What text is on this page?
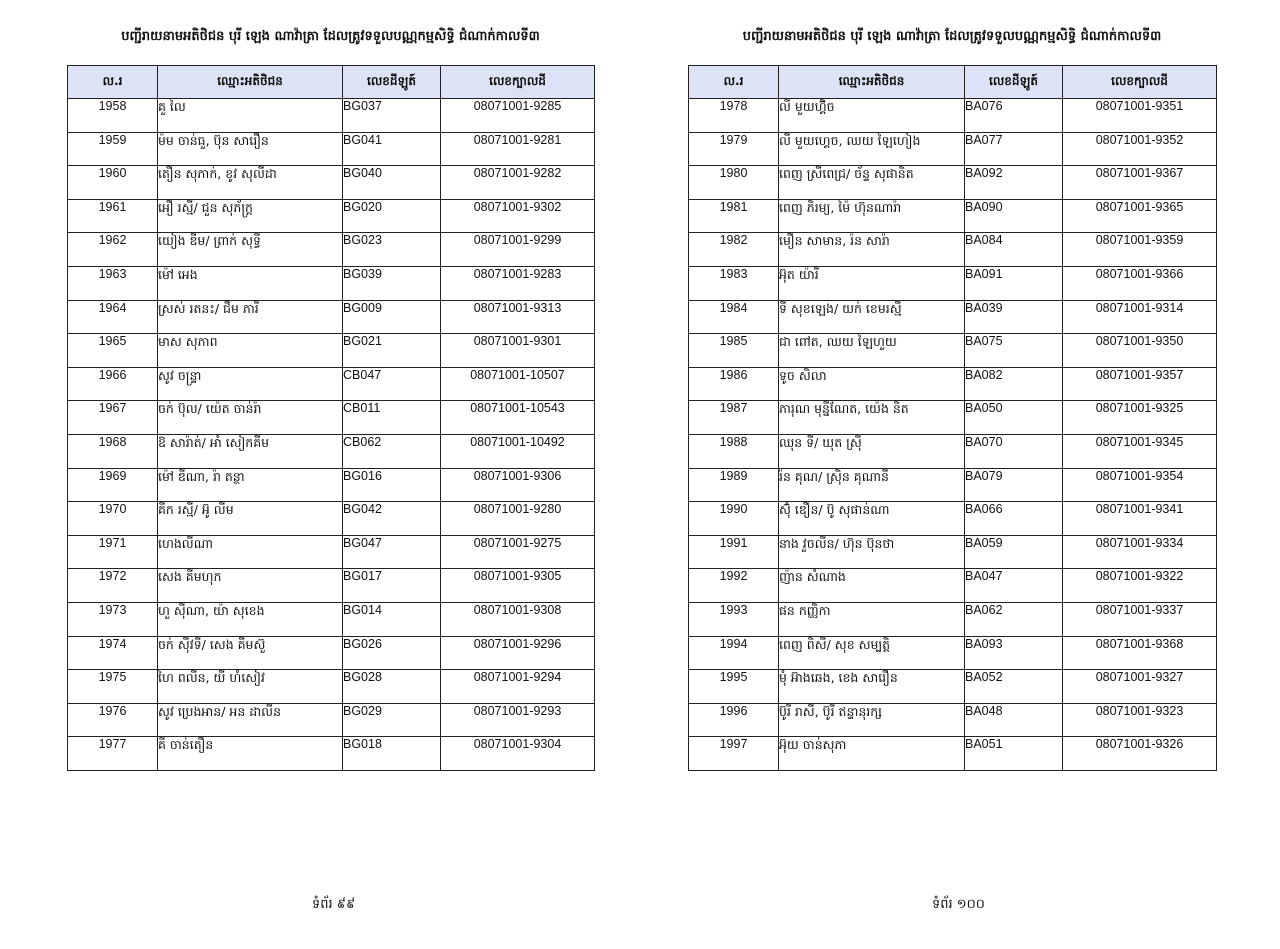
បញ្ជីរាយនាមអតិថិជន បុរី ឡេង ណាវ៉ាត្រា ដែលត្រូវទទួលបណ្ណកម្មសិទ្ធិ ជំណាក់កាលទី៣
ល.រ	ឈ្មោះអតិថិជន	លេខដីឡូត៍	លេខក្បាលដី
1958	គួ លៃ	BG037	08071001-9285
1959	ម៉ម ចាន់ធួ, ប៊ុន សារឿន	BG041	08071001-9281
1960	តឿន សុភាក់, ខូវ សុលីដា	BG040	08071001-9282
1961	អឿ រស្មី/ ជួន សុភ័ក្រ្ត	BG020	08071001-9302
1962	យៀង ឌីម/ ព្រាក់ សុទ្ធី	BG023	08071001-9299
1963	ម៉ៅ អេង	BG039	08071001-9283
1964	ស្រស់ រតនះ/ ជឹម ភារី	BG009	08071001-9313
1965	មាស សុភាព	BG021	08071001-9301
1966	សូវ ចន្ទ្រា	CB047	08071001-10507
1967	ចក់ ប៊ុល/ យ៉េត ចាន់រ៉ា	CB011	08071001-10543
1968	ឱ សារ៉ាត់/ អាំ សៀកគីម	CB062	08071001-10492
1969	ម៉ៅ ឌីណា, រ៉ា តន្ថា	BG016	08071001-9306
1970	គីក រស្មី/ អ៊ូ លីម	BG042	08071001-9280
1971	ហេងលីណា	BG047	08071001-9275
1972	សេង គីមហុក	BG017	08071001-9305
1973	ហួ ស៊ីណា, យ៉ា សុខេង	BG014	08071001-9308
1974	ចក់ ស៊ីវទី/ សេង គីមស៊ួ	BG026	08071001-9296
1975	ហៃ ពលីន, យី ហំសៀវ	BG028	08071001-9294
1976	សូវ ប្រេងអាន/ អន ដាលីន	BG029	08071001-9293
1977	គី ចាន់តឿន	BG018	08071001-9304
ទំព័រ ៩៩
បញ្ជីរាយនាមអតិថិជន បុរី ឡេង ណាវ៉ាត្រា ដែលត្រូវទទួលបណ្ណកម្មសិទ្ធិ ជំណាក់កាលទី៣
ល.រ	ឈ្មោះអតិថិជន	លេខដីឡូត៍	លេខក្បាលដី
1978	លី មួយហ៊្គិច	BA076	08071001-9351
1979	លី មួយហេ្គច, ឈយ ឡៃហៀង	BA077	08071001-9352
1980	ពេញ ស្រីពេជ្រ/ ច័ន្ទ សុផានិត	BA092	08071001-9367
1981	ពេញ ភិរម្យ, ម៉ៃ ហ៊ុនណារ៉ា	BA090	08071001-9365
1982	មឿន សាមាន, រ៉ន សារ៉ា	BA084	08071001-9359
1983	អ៊ុត យ៉ារី	BA091	08071001-9366
1984	ទី សុខឡេង/ យក់ ខេមរស្មី	BA039	08071001-9314
1985	ជា ពៅត, ឈយ ឡៃហួយ	BA075	08071001-9350
1986	ទូច សិលា	BA082	08071001-9357
1987	ភារុណ មុន្នីណែត, យ៉េង និត	BA050	08071001-9325
1988	ឈុន ទី/ ឃុត ស្រ៊ី	BA070	08071001-9345
1989	រ៉ន គុណ/ ស្រ៊ិន គុណានី	BA079	08071001-9354
1990	ស៊ុំ ឌឿន/ ប៊ូ សុផាន់ណា	BA066	08071001-9341
1991	នាង វួចលីន/ ហ៊ុន ប៊ុនថា	BA059	08071001-9334
1992	ញ៉ាន សំណាង	BA047	08071001-9322
1993	ផន កញ្ញិកា	BA062	08071001-9337
1994	ពេញ ពិសី/ សុខ សម្បត្តិ	BA093	08071001-9368
1995	មុំ អ៊ាងឆេង, ខេង សារឿន	BA052	08071001-9327
1996	ប៊ូរី រាសី, ប៊ូរី ឥន្ទានុរក្ស	BA048	08071001-9323
1997	អ៊ុយ ចាន់សុភា	BA051	08071001-9326
ទំព័រ ១០០
